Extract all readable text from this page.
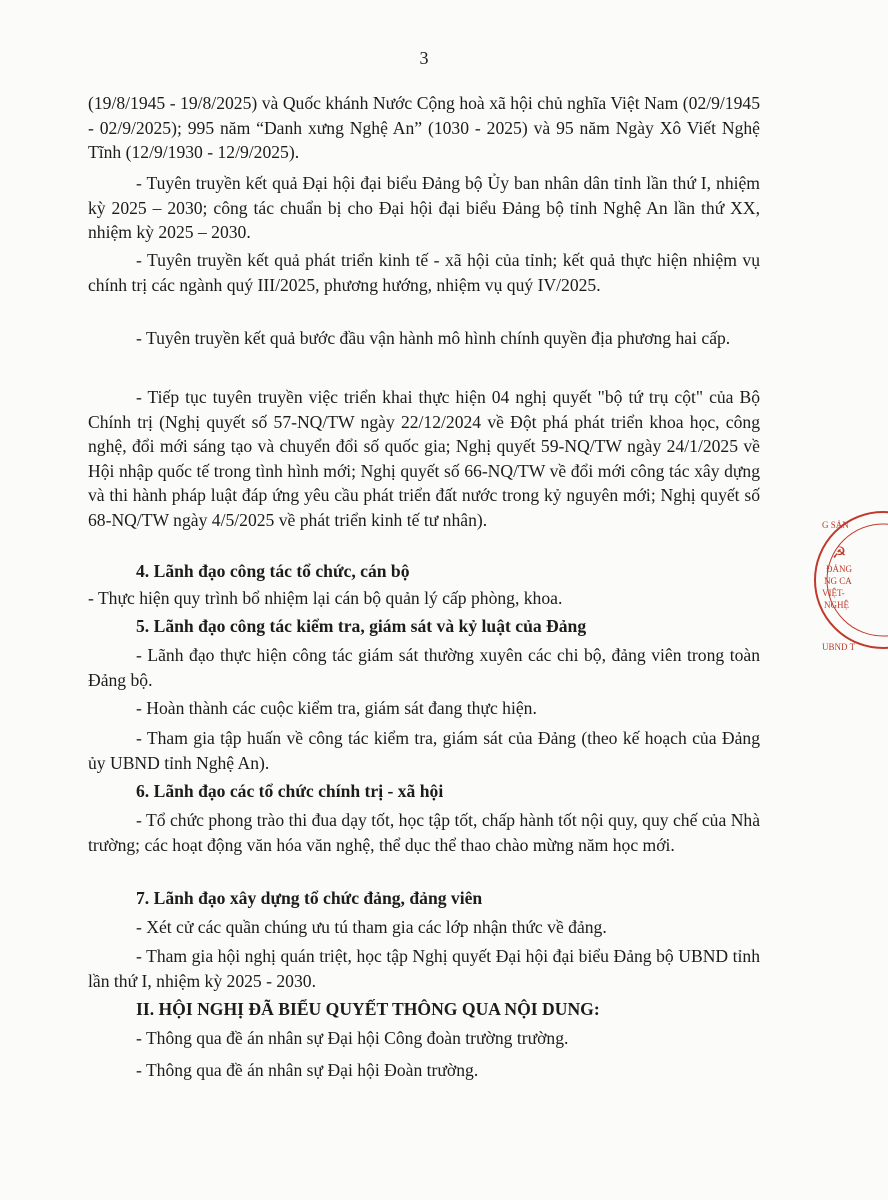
3
(19/8/1945 - 19/8/2025) và Quốc khánh Nước Cộng hoà xã hội chủ nghĩa Việt Nam (02/9/1945 - 02/9/2025); 995 năm “Danh xưng Nghệ An” (1030 - 2025) và 95 năm Ngày Xô Viết Nghệ Tĩnh (12/9/1930 - 12/9/2025).
- Tuyên truyền kết quả Đại hội đại biểu Đảng bộ Ủy ban nhân dân tỉnh lần thứ I, nhiệm kỳ 2025 – 2030; công tác chuẩn bị cho Đại hội đại biểu Đảng bộ tỉnh Nghệ An lần thứ XX, nhiệm kỳ 2025 – 2030.
- Tuyên truyền kết quả phát triển kinh tế - xã hội của tỉnh; kết quả thực hiện nhiệm vụ chính trị các ngành quý III/2025, phương hướng, nhiệm vụ quý IV/2025.
- Tuyên truyền kết quả bước đầu vận hành mô hình chính quyền địa phương hai cấp.
- Tiếp tục tuyên truyền việc triển khai thực hiện 04 nghị quyết "bộ tứ trụ cột" của Bộ Chính trị (Nghị quyết số 57-NQ/TW ngày 22/12/2024 về Đột phá phát triển khoa học, công nghệ, đổi mới sáng tạo và chuyển đổi số quốc gia; Nghị quyết 59-NQ/TW ngày 24/1/2025 về Hội nhập quốc tế trong tình hình mới; Nghị quyết số 66-NQ/TW về đổi mới công tác xây dựng và thi hành pháp luật đáp ứng yêu cầu phát triển đất nước trong kỷ nguyên mới; Nghị quyết số 68-NQ/TW ngày 4/5/2025 về phát triển kinh tế tư nhân).
4. Lãnh đạo công tác tổ chức, cán bộ
- Thực hiện quy trình bổ nhiệm lại cán bộ quản lý cấp phòng, khoa.
5. Lãnh đạo công tác kiểm tra, giám sát và kỷ luật của Đảng
- Lãnh đạo thực hiện công tác giám sát thường xuyên các chi bộ, đảng viên trong toàn Đảng bộ.
- Hoàn thành các cuộc kiểm tra, giám sát đang thực hiện.
- Tham gia tập huấn về công tác kiểm tra, giám sát của Đảng (theo kế hoạch của Đảng ủy UBND tỉnh Nghệ An).
6. Lãnh đạo các tổ chức chính trị - xã hội
- Tổ chức phong trào thi đua dạy tốt, học tập tốt, chấp hành tốt nội quy, quy chế của Nhà trường; các hoạt động văn hóa văn nghệ, thể dục thể thao chào mừng năm học mới.
7. Lãnh đạo xây dựng tổ chức đảng, đảng viên
- Xét cử các quần chúng ưu tú tham gia các lớp nhận thức về đảng.
- Tham gia hội nghị quán triệt, học tập Nghị quyết Đại hội đại biểu Đảng bộ UBND tỉnh lần thứ I, nhiệm kỳ 2025 - 2030.
II. HỘI NGHỊ ĐÃ BIỂU QUYẾT THÔNG QUA NỘI DUNG:
- Thông qua đề án nhân sự Đại hội Công đoàn trường trường.
- Thông qua đề án nhân sự Đại hội Đoàn trường.
G SẢN
ĐẢNG
NG CA
VIỆT-
NGHỆ
UBND T
☭
